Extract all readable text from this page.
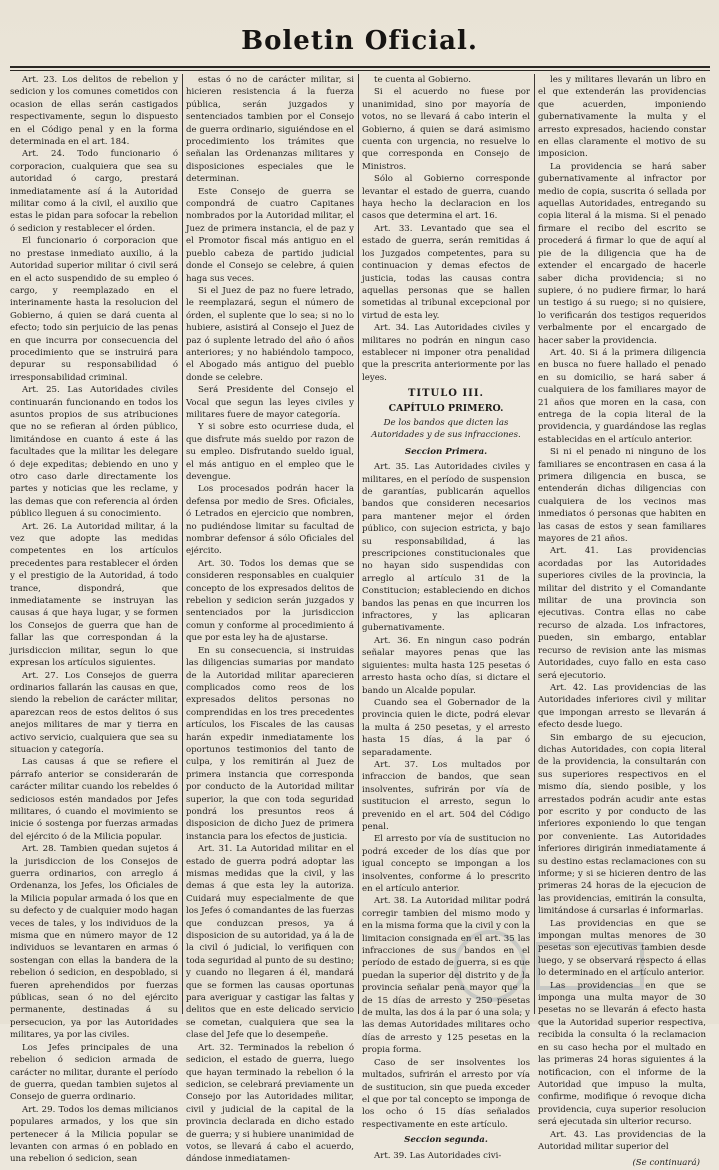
Boletin Oficial.

Art. 23. Los delitos de rebelion y sedicion y los comunes cometidos con ocasion de ellas serán castigados respectivamente, segun lo dispuesto en el Código penal y en la forma determinada en el art. 184.

Art. 24. Todo funcionario ó corporacion, cualquiera que sea su autoridad ó cargo, prestará inmediatamente así á la Autoridad militar como á la civil, el auxilio que estas le pidan para sofocar la rebelion ó sedicion y restablecer el órden.

El funcionario ó corporacion que no prestase inmediato auxilio, á la Autoridad superior militar ó civil será en el acto suspendido de su empleo ó cargo, y reemplazado en el interinamente hasta la resolucion del Gobierno, á quien se dará cuenta al efecto; todo sin perjuicio de las penas en que incurra por consecuencia del procedimiento que se instruirá para depurar su responsabilidad ó irresponsabilidad criminal.

Art. 25. Las Autoridades civiles continuarán funcionando en todos los asuntos propios de sus atribuciones que no se refieran al órden público, limitándose en cuanto á este á las facultades que la militar les delegare ó deje expeditas; debiendo en uno y otro caso darle directamente los partes y noticias que les reclame, y las demas que con referencia al órden público lleguen á su conocimiento.

Art. 26. La Autoridad militar, á la vez que adopte las medidas competentes en los artículos precedentes para restablecer el órden y el prestigio de la Autoridad, á todo trance, dispondrá, que inmediatamente se instruyan las causas á que haya lugar, y se formen los Consejos de guerra que han de fallar las que correspondan á la jurisdiccion militar, segun lo que expresan los artículos siguientes.

Art. 27. Los Consejos de guerra ordinarios fallarán las causas en que, siendo la rebelion de carácter militar, aparezcan reos de estos delitos ó sus anejos militares de mar y tierra en activo servicio, cualquiera que sea su situacion y categoría.

Las causas á que se refiere el párrafo anterior se considerarán de carácter militar cuando los rebeldes ó sediciosos estén mandados por Jefes militares, ó cuando el movimiento se inicie ó sostenga por fuerzas armadas del ejército ó de la Milicia popular.

Art. 28. Tambien quedan sujetos á la jurisdiccion de los Consejos de guerra ordinarios, con arreglo á Ordenanza, los Jefes, los Oficiales de la Milicia popular armada ó los que en su defecto y de cualquier modo hagan veces de tales, y los individuos de la misma que en número mayor de 12 individuos se levantaren en armas ó sostengan con ellas la bandera de la rebelion ó sedicion, en despoblado, si fueren aprehendidos por fuerzas públicas, sean ó no del ejército permanente, destinadas á su persecucion, ya por las Autoridades militares, ya por las civiles.

Los Jefes principales de una rebelion ó sedicion armada de carácter no militar, durante el período de guerra, quedan tambien sujetos al Consejo de guerra ordinario.

Art. 29. Todos los demas milicianos populares armados, y los que sin pertenecer á la Milicia popular se levanten con armas ó en poblado en una rebelion ó sedicion, sean

estas ó no de carácter militar, si hicieren resistencia á la fuerza pública, serán juzgados y sentenciados tambien por el Consejo de guerra ordinario, siguiéndose en el procedimiento los trámites que señalan las Ordenanzas militares y disposiciones especiales que le determinan.

Este Consejo de guerra se compondrá de cuatro Capitanes nombrados por la Autoridad militar, el Juez de primera instancia, el de paz y el Promotor fiscal más antiguo en el pueblo cabeza de partido judicial donde el Consejo se celebre, á quien haga sus veces.

Si el Juez de paz no fuere letrado, le reemplazará, segun el número de órden, el suplente que lo sea; si no lo hubiere, asistirá al Consejo el Juez de paz ó suplente letrado del año ó años anteriores; y no habiéndolo tampoco, el Abogado más antiguo del pueblo donde se celebre.

Será Presidente del Consejo el Vocal que segun las leyes civiles y militares fuere de mayor categoría.

Y si sobre esto ocurriese duda, el que disfrute más sueldo por razon de su empleo. Disfrutando sueldo igual, el más antiguo en el empleo que le devengue.

Los procesados podrán hacer la defensa por medio de Sres. Oficiales, ó Letrados en ejercicio que nombren, no pudiéndose limitar su facultad de nombrar defensor á sólo Oficiales del ejército.

Art. 30. Todos los demas que se consideren responsables en cualquier concepto de los expresados delitos de rebelion y sedicion serán juzgados y sentenciados por la jurisdiccion comun y conforme al procedimiento á que por esta ley ha de ajustarse.

En su consecuencia, si instruidas las diligencias sumarias por mandato de la Autoridad militar aparecieren complicados como reos de los expresados delitos personas no comprendidas en los tres precedentes artículos, los Fiscales de las causas harán expedir inmediatamente los oportunos testimonios del tanto de culpa, y los remitirán al Juez de primera instancia que corresponda por conducto de la Autoridad militar superior, la que con toda seguridad pondrá los presuntos reos á disposicion de dicho Juez de primera instancia para los efectos de justicia.

Art. 31. La Autoridad militar en el estado de guerra podrá adoptar las mismas medidas que la civil, y las demas á que esta ley la autoriza. Cuidará muy especialmente de que los Jefes ó comandantes de las fuerzas que conduzcan presos, ya á disposicion de su autoridad, ya á la de la civil ó judicial, lo verifiquen con toda seguridad al punto de su destino; y cuando no llegaren á él, mandará que se formen las causas oportunas para averiguar y castigar las faltas y delitos que en este delicado servicio se cometan, cualquiera que sea la clase del Jefe que lo desempeñe.

Art. 32. Terminados la rebelion ó sedicion, el estado de guerra, luego que hayan terminado la rebelion ó la sedicion, se celebrará previamente un Consejo por las Autoridades militar, civil y judicial de la capital de la provincia declarada en dicho estado de guerra; y si hubiere unanimidad de votos, se llevará á cabo el acuerdo, dándose inmediatamen-

te cuenta al Gobierno.

Si el acuerdo no fuese por unanimidad, sino por mayoría de votos, no se llevará á cabo interin el Gobierno, á quien se dará asimismo cuenta con urgencia, no resuelve lo que corresponda en Consejo de Ministros.

Sólo al Gobierno corresponde levantar el estado de guerra, cuando haya hecho la declaracion en los casos que determina el art. 16.

Art. 33. Levantado que sea el estado de guerra, serán remitidas á los Juzgados competentes, para su continuacion y demas efectos de justicia, todas las causas contra aquellas personas que se hallen sometidas al tribunal excepcional por virtud de esta ley.

Art. 34. Las Autoridades civiles y militares no podrán en ningun caso establecer ni imponer otra penalidad que la prescrita anteriormente por las leyes.

TITULO III.
CAPÍTULO PRIMERO.
De los bandos que dicten las Autoridades y de sus infracciones.
Seccion Primera.

Art. 35. Las Autoridades civiles y militares, en el período de suspension de garantías, publicarán aquellos bandos que consideren necesarios para mantener mejor el órden público, con sujecion estricta, y bajo su responsabilidad, á las prescripciones constitucionales que no hayan sido suspendidas con arreglo al artículo 31 de la Constitucion; estableciendo en dichos bandos las penas en que incurren los infractores, y las aplicaran gubernativamente.

Art. 36. En ningun caso podrán señalar mayores penas que las siguientes: multa hasta 125 pesetas ó arresto hasta ocho días, si dictare el bando un Alcalde popular.

Cuando sea el Gobernador de la provincia quien le dicte, podrá elevar la multa á 250 pesetas, y el arresto hasta 15 días, á la par ó separadamente.

Art. 37. Los multados por infraccion de bandos, que sean insolventes, sufrirán por vía de sustitucion el arresto, segun lo prevenido en el art. 504 del Código penal.

El arresto por vía de sustitucion no podrá exceder de los días que por igual concepto se impongan a los insolventes, conforme á lo prescrito en el artículo anterior.

Art. 38. La Autoridad militar podrá corregir tambien del mismo modo y en la misma forma que la civil y con la limitacion consignada en el art. 35 las infracciones de sus bandos en el período de estado de guerra, si es que puedan la superior del distrito y de la provincia señalar pena mayor que la de 15 días de arresto y 250 pesetas de multa, las dos á la par ó una sola; y las demas Autoridades militares ocho días de arresto y 125 pesetas en la propia forma.

Caso de ser insolventes los multados, sufrirán el arresto por vía de sustitucion, sin que pueda exceder el que por tal concepto se imponga de los ocho ó 15 días señalados respectivamente en este artículo.

Seccion segunda.

Art. 39. Las Autoridades civi-

les y militares llevarán un libro en el que extenderán las providencias que acuerden, imponiendo gubernativamente la multa y el arresto expresados, haciendo constar en ellas claramente el motivo de su imposicion.

La providencia se hará saber gubernativamente al infractor por medio de copia, suscrita ó sellada por aquellas Autoridades, entregando su copia literal á la misma. Si el penado firmare el recibo del escrito se procederá á firmar lo que de aquí al pie de la diligencia que ha de extender el encargado de hacerle saber dicha providencia; si no supiere, ó no pudiere firmar, lo hará un testigo á su ruego; si no quisiere, lo verificarán dos testigos requeridos verbalmente por el encargado de hacer saber la providencia.

Art. 40. Si á la primera diligencia en busca no fuere hallado el penado en su domicilio, se hará saber á cualquiera de los familiares mayor de 21 años que moren en la casa, con entrega de la copia literal de la providencia, y guardándose las reglas establecidas en el artículo anterior.

Si ni el penado ni ninguno de los familiares se encontrasen en casa á la primera diligencia en busca, se entenderán dichas diligencias con cualquiera de los vecinos mas inmediatos ó personas que habiten en las casas de estos y sean familiares mayores de 21 años.

Art. 41. Las providencias acordadas por las Autoridades superiores civiles de la provincia, la militar del distrito y el Comandante militar de una provincia son ejecutivas. Contra ellas no cabe recurso de alzada. Los infractores, pueden, sin embargo, entablar recurso de revision ante las mismas Autoridades, cuyo fallo en esta caso será ejecutorio.

Art. 42. Las providencias de las Autoridades inferiores civil y militar que impongan arresto se llevarán á efecto desde luego.

Sin embargo de su ejecucion, dichas Autoridades, con copia literal de la providencia, la consultarán con sus superiores respectivos en el mismo día, siendo posible, y los arrestados podrán acudir ante estas por escrito y por conducto de las inferiores exponiendo lo que tengan por conveniente. Las Autoridades inferiores dirigirán inmediatamente á su destino estas reclamaciones con su informe; y si se hicieren dentro de las primeras 24 horas de la ejecucion de las providencias, emitirán la consulta, limitándose á cursarlas é informarlas.

Las providencias en que se impongan multas menores de 30 pesetas son ejecutivas tambien desde luego, y se observará respecto á ellas lo determinado en el artículo anterior.

Las providencias en que se imponga una multa mayor de 30 pesetas no se llevarán á efecto hasta que la Autoridad superior respectiva, recibida la consulta ó la reclamacion en su caso hecha por el multado en las primeras 24 horas siguientes á la notificacion, con el informe de la Autoridad que impuso la multa, confirme, modifique ó revoque dicha providencia, cuya superior resolucion será ejecutada sin ulterior recurso.

Art. 43. Las providencias de la Autoridad militar superior del

(Se continuará)
